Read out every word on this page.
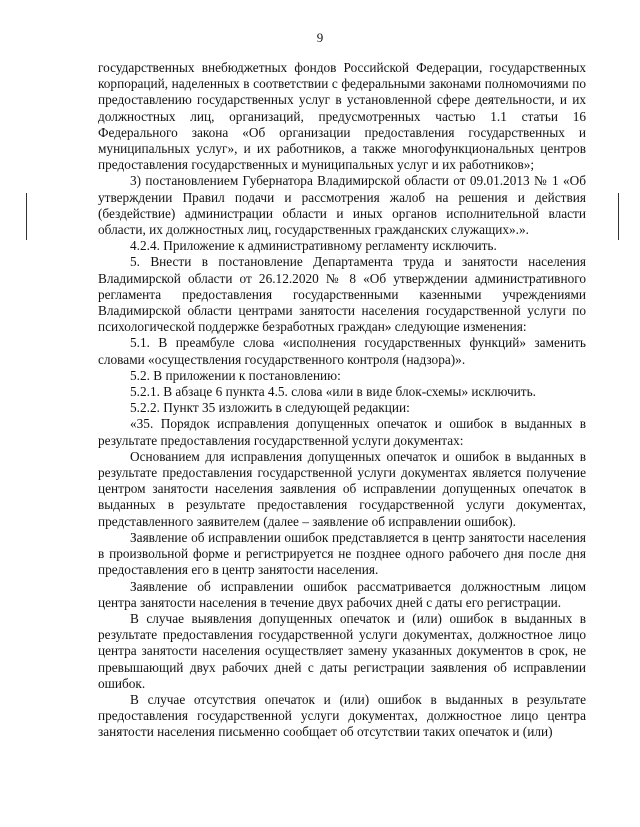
9

государственных внебюджетных фондов Российской Федерации, государственных корпораций, наделенных в соответствии с федеральными законами полномочиями по предоставлению государственных услуг в установленной сфере деятельности, и их должностных лиц, организаций, предусмотренных частью 1.1 статьи 16 Федерального закона «Об организации предоставления государственных и муниципальных услуг», и их работников, а также многофункциональных центров предоставления государственных и муниципальных услуг и их работников»;

3) постановлением Губернатора Владимирской области от 09.01.2013 № 1 «Об утверждении Правил подачи и рассмотрения жалоб на решения и действия (бездействие) администрации области и иных органов исполнительной власти области, их должностных лиц, государственных гражданских служащих».».

4.2.4. Приложение к административному регламенту исключить.

5. Внести в постановление Департамента труда и занятости населения Владимирской области от 26.12.2020 № 8 «Об утверждении административного регламента предоставления государственными казенными учреждениями Владимирской области центрами занятости населения государственной услуги по психологической поддержке безработных граждан» следующие изменения:

5.1. В преамбуле слова «исполнения государственных функций» заменить словами «осуществления государственного контроля (надзора)».

5.2. В приложении к постановлению:

5.2.1. В абзаце 6 пункта 4.5. слова «или в виде блок-схемы» исключить.

5.2.2. Пункт 35 изложить в следующей редакции:

«35. Порядок исправления допущенных опечаток и ошибок в выданных в результате предоставления государственной услуги документах:

Основанием для исправления допущенных опечаток и ошибок в выданных в результате предоставления государственной услуги документах является получение центром занятости населения заявления об исправлении допущенных опечаток в выданных в результате предоставления государственной услуги документах, представленного заявителем (далее – заявление об исправлении ошибок).

Заявление об исправлении ошибок представляется в центр занятости населения в произвольной форме и регистрируется не позднее одного рабочего дня после дня предоставления его в центр занятости населения.

Заявление об исправлении ошибок рассматривается должностным лицом центра занятости населения в течение двух рабочих дней с даты его регистрации.

В случае выявления допущенных опечаток и (или) ошибок в выданных в результате предоставления государственной услуги документах, должностное лицо центра занятости населения осуществляет замену указанных документов в срок, не превышающий двух рабочих дней с даты регистрации заявления об исправлении ошибок.

В случае отсутствия опечаток и (или) ошибок в выданных в результате предоставления государственной услуги документах, должностное лицо центра занятости населения письменно сообщает об отсутствии таких опечаток и (или)
